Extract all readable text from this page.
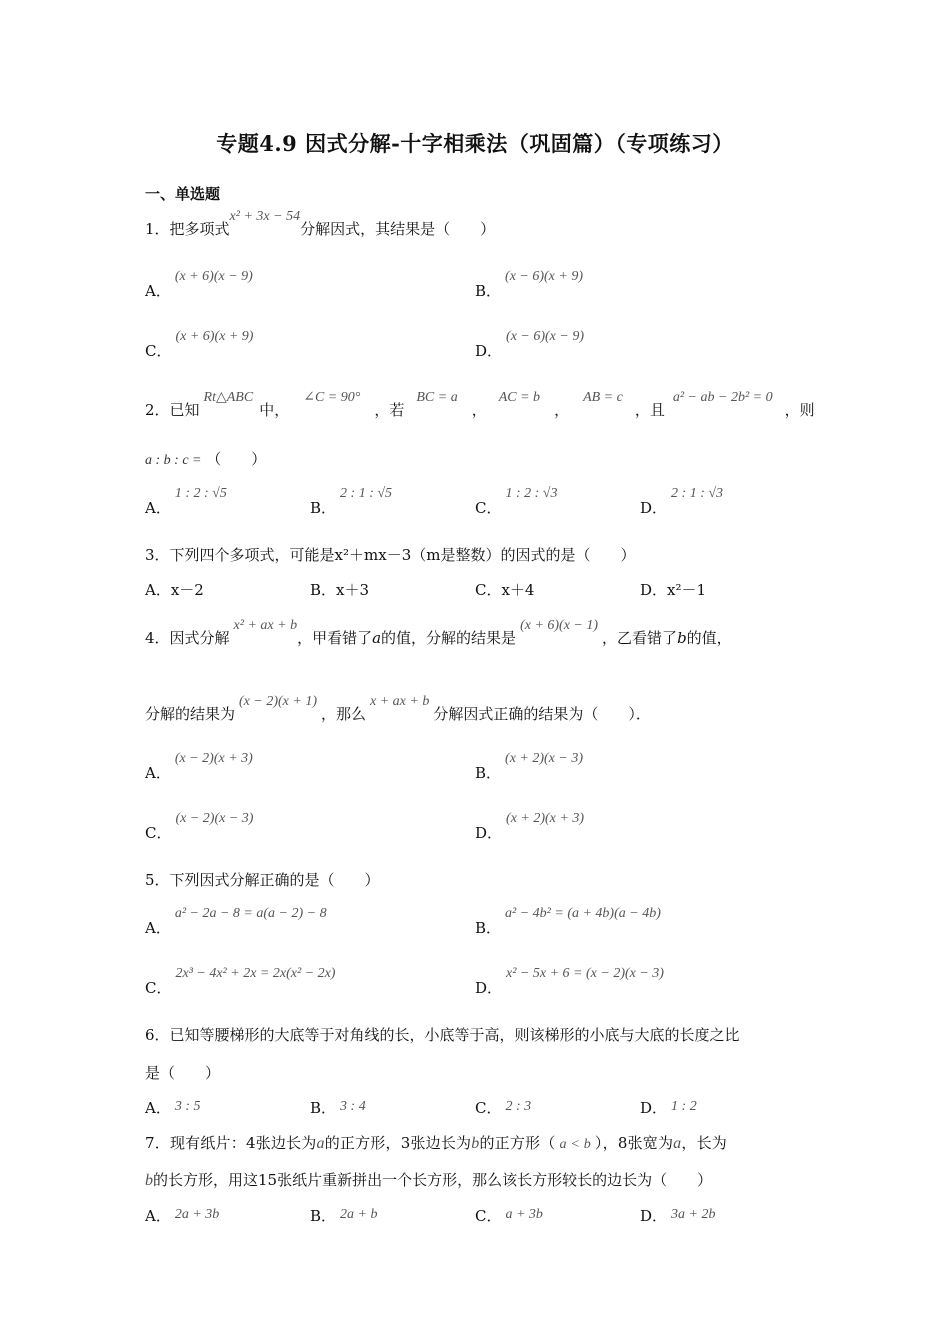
专题4.9 因式分解-十字相乘法（巩固篇）（专项练习）
一、单选题
1．把多项式x² + 3x − 54分解因式，其结果是（　　）
A．(x + 6)(x − 9)
B．(x − 6)(x + 9)
C．(x + 6)(x + 9)
D．(x − 6)(x − 9)
2．已知Rt△ABC中，∠C = 90°，若BC = a，AC = b，AB = c，且a² − ab − 2b² = 0，则
a : b : c = （　　）
A．1 : 2 : √5
B．2 : 1 : √5
C．1 : 2 : √3
D．2 : 1 : √3
3．下列四个多项式，可能是x²＋mx－3（m是整数）的因式的是（　　）
A．x－2	B．x＋3	C．x＋4	D．x²－1
4．因式分解x² + ax + b，甲看错了a的值，分解的结果是(x + 6)(x − 1)，乙看错了b的值，
分解的结果为(x − 2)(x + 1)，那么x + ax + b分解因式正确的结果为（　　）．
A．(x − 2)(x + 3)
B．(x + 2)(x − 3)
C．(x − 2)(x − 3)
D．(x + 2)(x + 3)
5．下列因式分解正确的是（　　）
A．a² − 2a − 8 = a(a − 2) − 8
B．a² − 4b² = (a + 4b)(a − 4b)
C．2x³ − 4x² + 2x = 2x(x² − 2x)
D．x² − 5x + 6 = (x − 2)(x − 3)
6．已知等腰梯形的大底等于对角线的长，小底等于高，则该梯形的小底与大底的长度之比
是（　　）
A． 3 : 5	B． 3 : 4	C． 2 : 3	D． 1 : 2
7．现有纸片：4张边长为a的正方形，3张边长为b的正方形（ a < b ），8张宽为a，长为
b的长方形，用这15张纸片重新拼出一个长方形，那么该长方形较长的边长为（　　）
A． 2a + 3b	B． 2a + b	C． a + 3b	D． 3a + 2b
